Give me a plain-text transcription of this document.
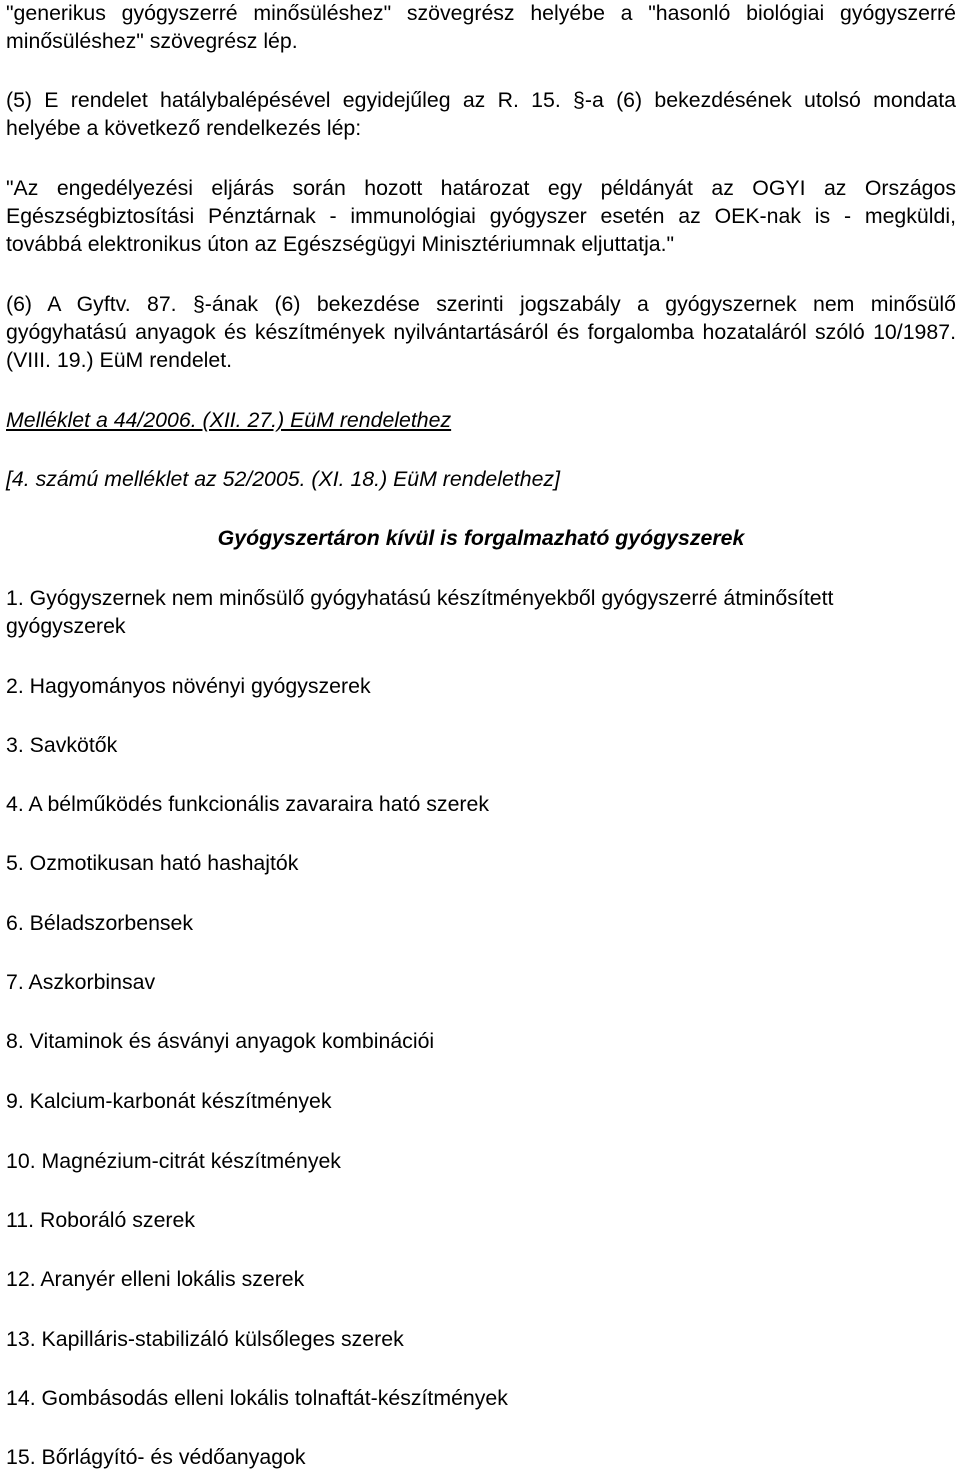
"generikus gyógyszerré minősüléshez" szövegrész helyébe a "hasonló biológiai gyógyszerré minősüléshez" szövegrész lép.

(5) E rendelet hatálybalépésével egyidejűleg az R. 15. §-a (6) bekezdésének utolsó mondata helyébe a következő rendelkezés lép:

"Az engedélyezési eljárás során hozott határozat egy példányát az OGYI az Országos Egészségbiztosítási Pénztárnak - immunológiai gyógyszer esetén az OEK-nak is - megküldi, továbbá elektronikus úton az Egészségügyi Minisztériumnak eljuttatja."

(6) A Gyftv. 87. §-ának (6) bekezdése szerinti jogszabály a gyógyszernek nem minősülő gyógyhatású anyagok és készítmények nyilvántartásáról és forgalomba hozataláról szóló 10/1987. (VIII. 19.) EüM rendelet.

Melléklet a 44/2006. (XII. 27.) EüM rendelethez

[4. számú melléklet az 52/2005. (XI. 18.) EüM rendelethez]

Gyógyszertáron kívül is forgalmazható gyógyszerek

1. Gyógyszernek nem minősülő gyógyhatású készítményekből gyógyszerré átminősített gyógyszerek

2. Hagyományos növényi gyógyszerek

3. Savkötők

4. A bélműködés funkcionális zavaraira ható szerek

5. Ozmotikusan ható hashajtók

6. Béladszorbensek

7. Aszkorbinsav

8. Vitaminok és ásványi anyagok kombinációi

9. Kalcium-karbonát készítmények

10. Magnézium-citrát készítmények

11. Roboráló szerek

12. Aranyér elleni lokális szerek

13. Kapilláris-stabilizáló külsőleges szerek

14. Gombásodás elleni lokális tolnaftát-készítmények

15. Bőrlágyító- és védőanyagok
